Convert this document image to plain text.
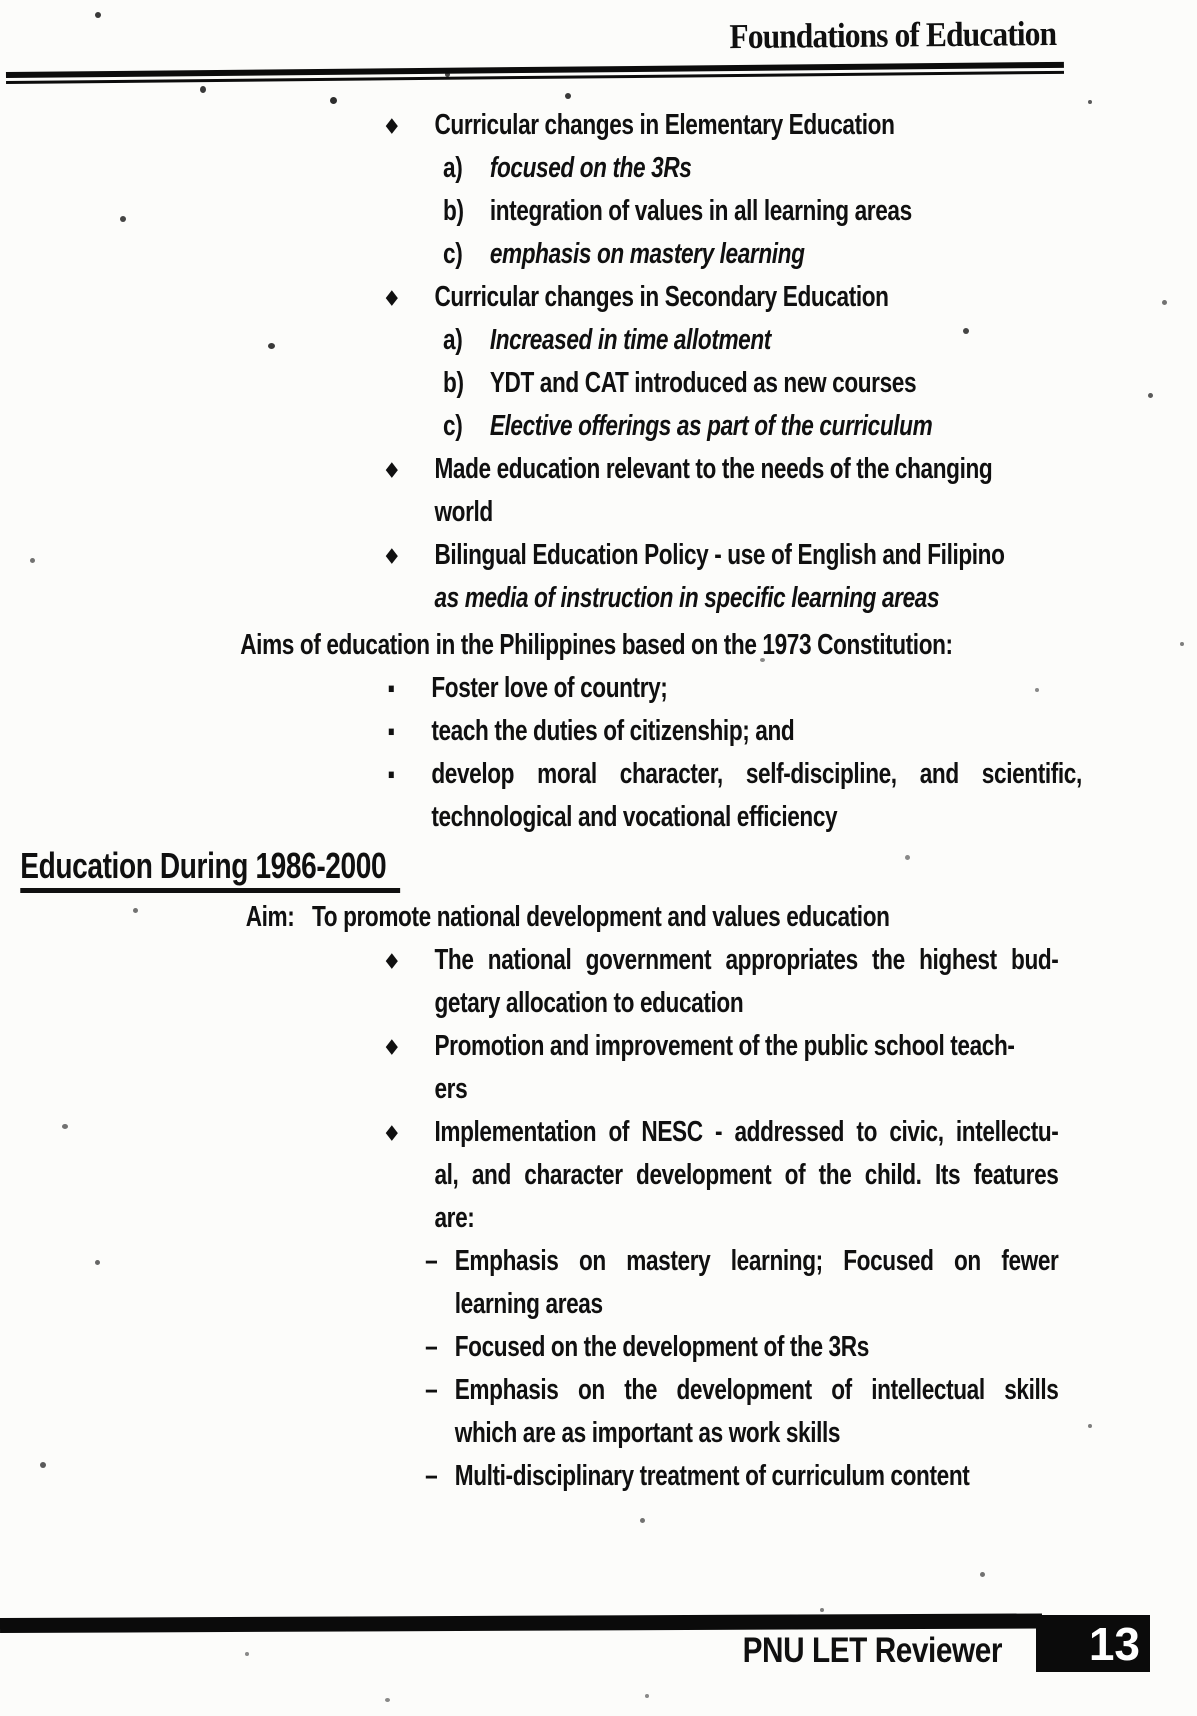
Foundations of Education
◆	Curricular changes in Elementary Education
a) focused on the 3Rs
b) integration of values in all learning areas
c) emphasis on mastery learning
◆	Curricular changes in Secondary Education
a) Increased in time allotment
b) YDT and CAT introduced as new courses
c) Elective offerings as part of the curriculum
◆	Made education relevant to the needs of the changing
world
◆	Bilingual Education Policy - use of English and Filipino
as media of instruction in specific learning areas
Aims of education in the Philippines based on the 1973 Constitution:
▪	Foster love of country;
▪	teach the duties of citizenship; and
▪	develop moral character, self-discipline, and scientific,
technological and vocational efficiency
Education During 1986-2000
Aim: To promote national development and values education
◆	The national government appropriates the highest bud-
getary allocation to education
◆	Promotion and improvement of the public school teach-
ers
◆	Implementation of NESC - addressed to civic, intellectu-
al, and character development of the child. Its features
are:
– Emphasis on mastery learning; Focused on fewer
learning areas
– Focused on the development of the 3Rs
– Emphasis on the development of intellectual skills
which are as important as work skills
– Multi-disciplinary treatment of curriculum content
PNU LET Reviewer 13
